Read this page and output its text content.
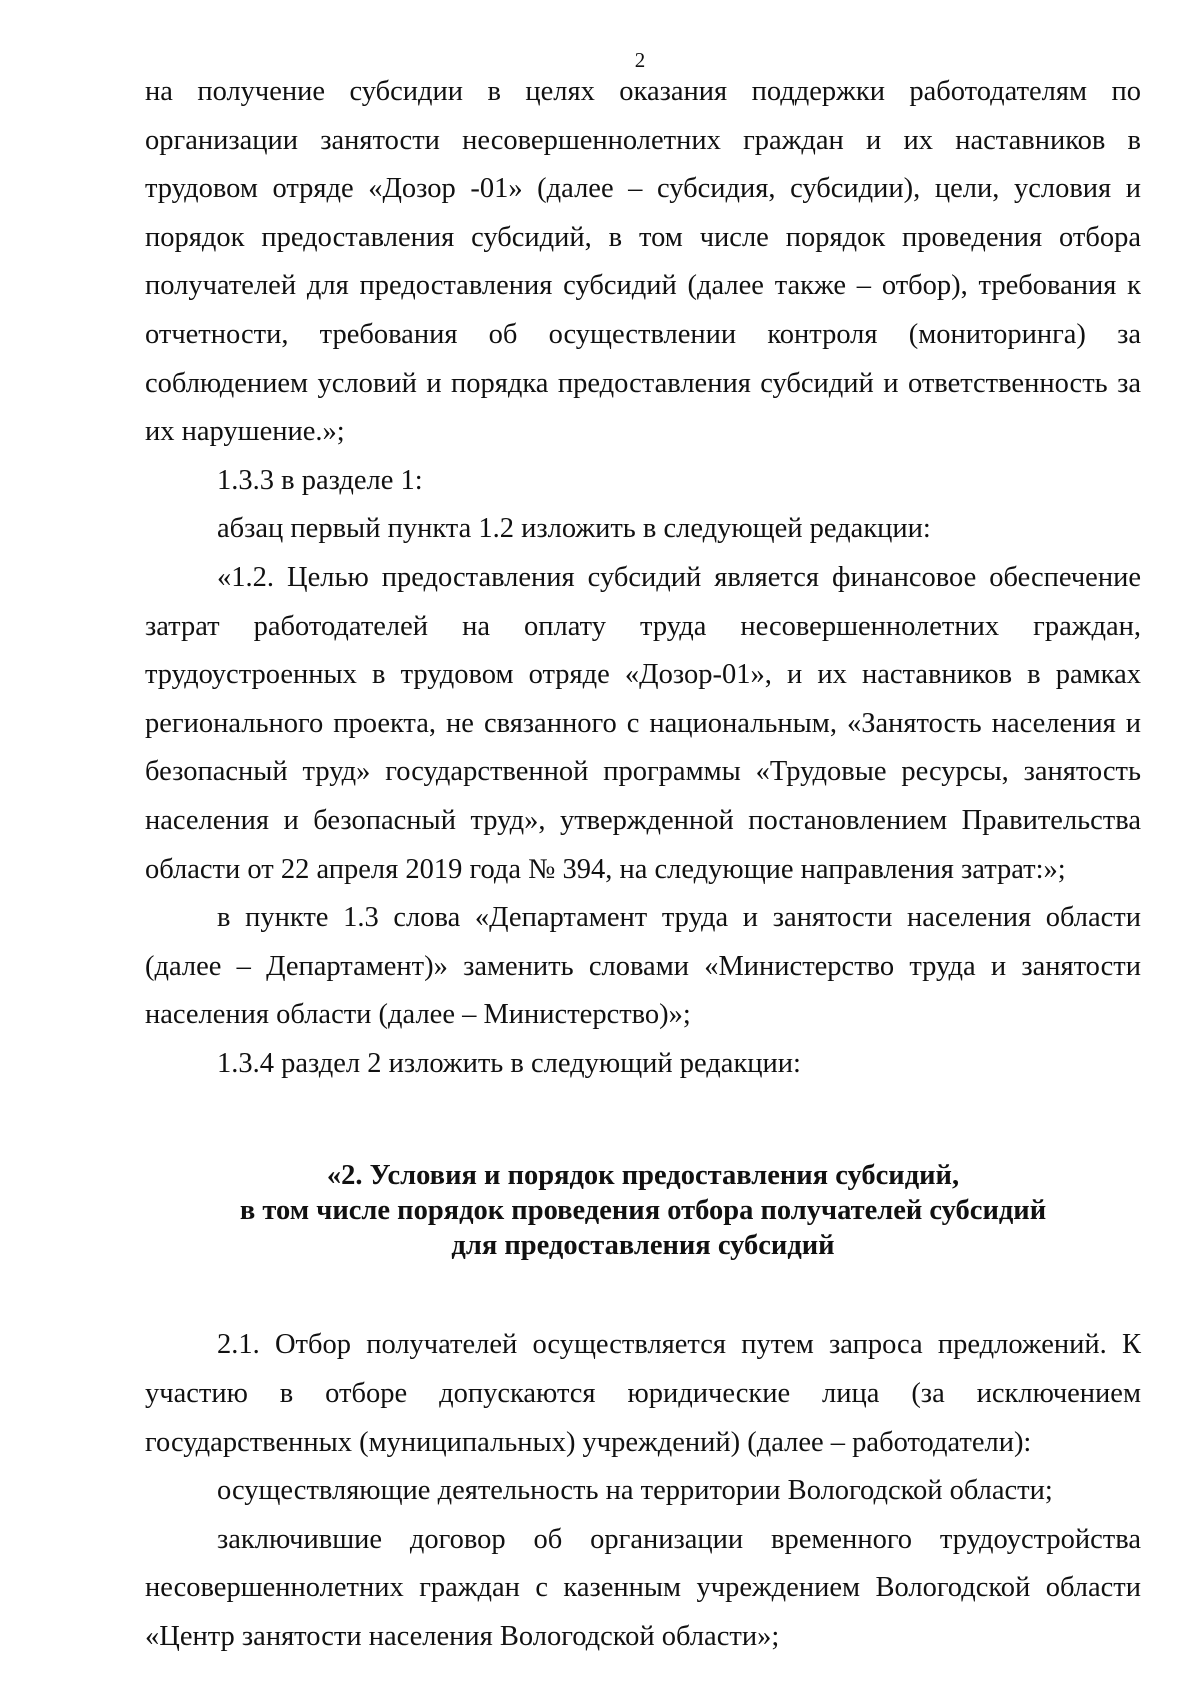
2

на получение субсидии в целях оказания поддержки работодателям по организации занятости несовершеннолетних граждан и их наставников в трудовом отряде «Дозор -01» (далее – субсидия, субсидии), цели, условия и порядок предоставления субсидий, в том числе порядок проведения отбора получателей для предоставления субсидий (далее также – отбор), требования к отчетности, требования об осуществлении контроля (мониторинга) за соблюдением условий и порядка предоставления субсидий и ответственность за их нарушение.»;

1.3.3 в разделе 1:

абзац первый пункта 1.2 изложить в следующей редакции:

«1.2. Целью предоставления субсидий является финансовое обеспечение затрат работодателей на оплату труда несовершеннолетних граждан, трудоустроенных в трудовом отряде «Дозор-01», и их наставников в рамках регионального проекта, не связанного с национальным, «Занятость населения и безопасный труд» государственной программы «Трудовые ресурсы, занятость населения и безопасный труд», утвержденной постановлением Правительства области от 22 апреля 2019 года № 394, на следующие направления затрат:»;

в пункте 1.3 слова «Департамент труда и занятости населения области (далее – Департамент)» заменить словами «Министерство труда и занятости населения области (далее – Министерство)»;

1.3.4 раздел 2 изложить в следующий редакции:

«2. Условия и порядок предоставления субсидий,
в том числе порядок проведения отбора получателей субсидий
для предоставления субсидий

2.1. Отбор получателей осуществляется путем запроса предложений. К участию в отборе допускаются юридические лица (за исключением государственных (муниципальных) учреждений) (далее – работодатели):

осуществляющие деятельность на территории Вологодской области;

заключившие договор об организации временного трудоустройства несовершеннолетних граждан с казенным учреждением Вологодской области «Центр занятости населения Вологодской области»;
